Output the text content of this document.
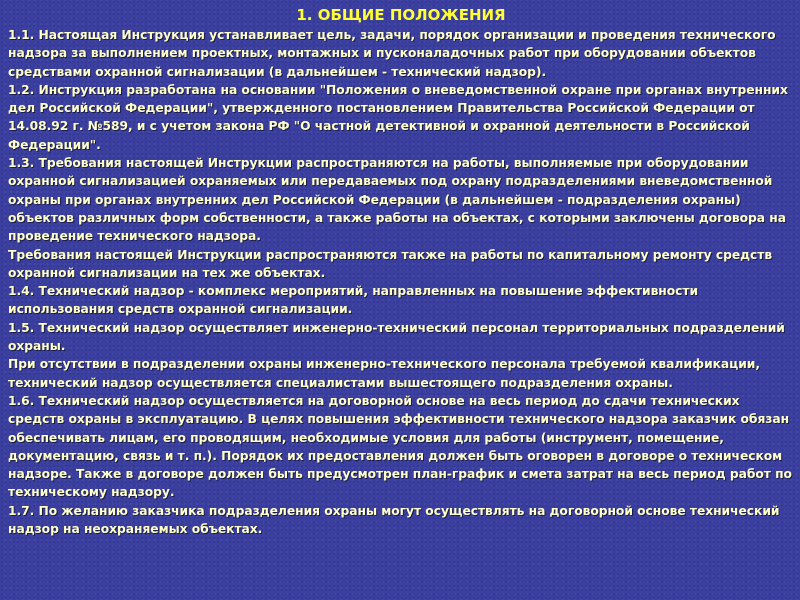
1. ОБЩИЕ ПОЛОЖЕНИЯ

1.1. Настоящая Инструкция устанавливает цель, задачи, порядок организации и проведения технического надзора за выполнением проектных, монтажных и пусконаладочных работ при оборудовании объектов средствами охранной сигнализации (в дальнейшем - технический надзор).

1.2. Инструкция разработана на основании "Положения о вневедомственной охране при органах внутренних дел Российской Федерации", утвержденного постановлением Правительства Российской Федерации от 14.08.92 г. №589, и с учетом закона РФ "О частной детективной и охранной деятельности в Российской Федерации".

1.3. Требования настоящей Инструкции распространяются на работы, выполняемые при оборудовании охранной сигнализацией охраняемых или передаваемых под охрану подразделениями вневедомственной охраны при органах внутренних дел Российской Федерации (в дальнейшем - подразделения охраны) объектов различных форм собственности, а также работы на объектах, с которыми заключены договора на проведение технического надзора.

Требования настоящей Инструкции распространяются также на работы по капитальному ремонту средств охранной сигнализации на тех же объектах.

1.4. Технический надзор - комплекс мероприятий, направленных на повышение эффективности использования средств охранной сигнализации.

1.5. Технический надзор осуществляет инженерно-технический персонал территориальных подразделений охраны.

При отсутствии в подразделении охраны инженерно-технического персонала требуемой квалификации, технический надзор осуществляется специалистами вышестоящего подразделения охраны.

1.6. Технический надзор осуществляется на договорной основе на весь период до сдачи технических средств охраны в эксплуатацию. В целях повышения эффективности технического надзора заказчик обязан обеспечивать лицам, его проводящим, необходимые условия для работы (инструмент, помещение, документацию, связь и т. п.). Порядок их предоставления должен быть оговорен в договоре о техническом надзоре. Также в договоре должен быть предусмотрен план-график и смета затрат на весь период работ по техническому надзору.

1.7. По желанию заказчика подразделения охраны могут осуществлять на договорной основе технический надзор на неохраняемых объектах.
